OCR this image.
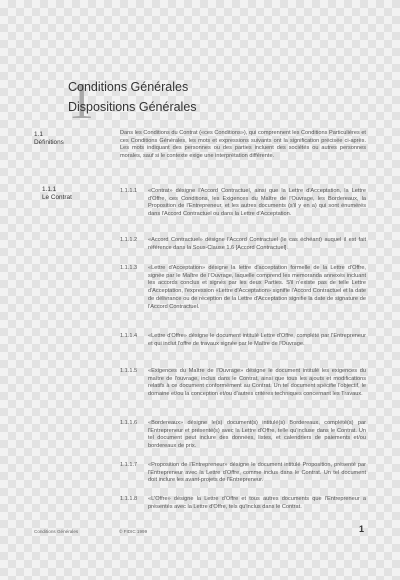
1
Conditions Générales
Dispositions Générales
1.1
Définitions

Dans les Conditions du Contrat («ces Conditions»), qui comprennent les Conditions Particulières et ces Conditions Générales, les mots et expressions suivants ont la signification précisée ci-après. Les mots indiquant des personnes ou des parties incluent des sociétés ou autres personnes morales, sauf si le contexte exige une interprétation différente.

1.1.1
Le Contrat
1.1.1.1 «Contrat» désigne l'Accord Contractuel, ainsi que la Lettre d'Acceptation, la Lettre d'Offre, ces Conditions, les Exigences du Maître de l'Ouvrage, les Bordereaux, la Proposition de l'Entrepreneur, et les autres documents (s'il y en a) qui sont énumérés dans l'Accord Contractuel ou dans la Lettre d'Acceptation.

1.1.1.2 «Accord Contractuel» désigne l'Accord Contractuel (le cas échéant) auquel il est fait référence dans la Sous-Clause 1.6 [Accord Contractuel].

1.1.1.3 «Lettre d'Acceptation» désigne la lettre d'acceptation formelle de la Lettre d'Offre, signée par le Maître de l'Ouvrage, laquelle comprend les memoranda annexés incluant les accords conclus et signés par les deux Parties. S'il n'existe pas de telle Lettre d'Acceptation, l'expression «Lettre d'Acceptation» signifie l'Accord Contractuel et la date de délivrance ou de réception de la Lettre d'Acceptation signifie la date de signature de l'Accord Contractuel.

1.1.1.4 «Lettre d'Offre» désigne le document intitulé Lettre d'Offre, complété par l'Entrepreneur et qui inclut l'offre de travaux signée par le Maître de l'Ouvrage.

1.1.1.5 «Exigences du Maître de l'Ouvrage» désigne le document intitulé les exigences du maître de l'ouvrage, inclus dans le Contrat, ainsi que tous les ajouts et modifications relatifs à ce document conformément au Contrat. Un tel document spécifie l'objectif, le domaine et/ou la conception et/ou d'autres critères techniques concernant les Travaux.

1.1.1.6 «Bordereaux» désigne le(s) document(s) intitulé(s) Bordereaux, complété(s) par l'Entrepreneur et présenté(s) avec la Lettre d'Offre, telle qu'incluse dans le Contrat. Un tel document peut inclure des données, listes, et calendriers de paiements et/ou bordereaux de prix.

1.1.1.7 «Proposition de l'Entrepreneur» désigne le document intitulé Proposition, présenté par l'Entrepreneur avec la Lettre d'Offre, comme inclus dans le Contrat. Un tel document doit inclure les avant-projets de l'Entrepreneur.

1.1.1.8 «L'Offre» désigne la Lettre d'Offre et tous autres documents que l'Entrepreneur a présentés avec la Lettre d'Offre, tels qu'inclus dans le Contrat.

Conditions Générales	© FIDIC 1999	1
